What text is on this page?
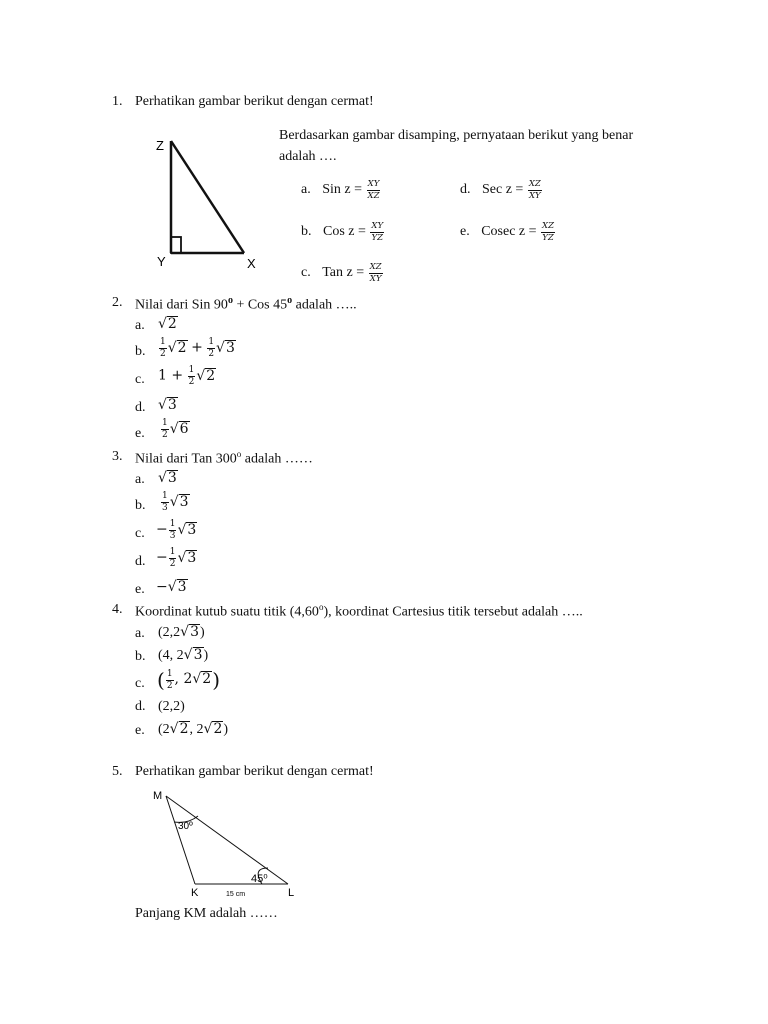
1. Perhatikan gambar berikut dengan cermat!
Z
Y	X
Berdasarkan gambar disamping, pernyataan berikut yang benar
adalah ….
a. Sin $z = \frac{XY}{XZ}$	d. Sec $z = \frac{XZ}{XY}$
b. Cos $z = \frac{XY}{YZ}$	e. Cosec $z = \frac{XZ}{YZ}$
c. Tan $z = \frac{XZ}{XY}$
2. Nilai dari Sin $90^o$ + Cos 45$^o$ adalah …..
a. √2
b. $\frac{1}{2} √2 + \frac{1}{2} √3$
c. $1 + \frac{1}{2} √2$
d. √3
e. $\frac{1}{2} √6$
3. Nilai dari Tan 300$^o$ adalah ……
a. √3
b. $\frac{1}{3} √3$
c. − $\frac{1}{3} √3$
d. − $\frac{1}{2} √3$
e. −√3
4. Koordinat kutub suatu titik (4,60$^o$), koordinat Cartesius titik tersebut adalah …..
a. (2,2√3)
b. (4, 2√3)
c. ( $\frac{1}{2}$ , 2√2)
d. (2,2)
e. (2√2, 2√2)
5. Perhatikan gambar berikut dengan cermat!
M
K	L
30º
45⁰
15 cm
Panjang KM adalah ……
